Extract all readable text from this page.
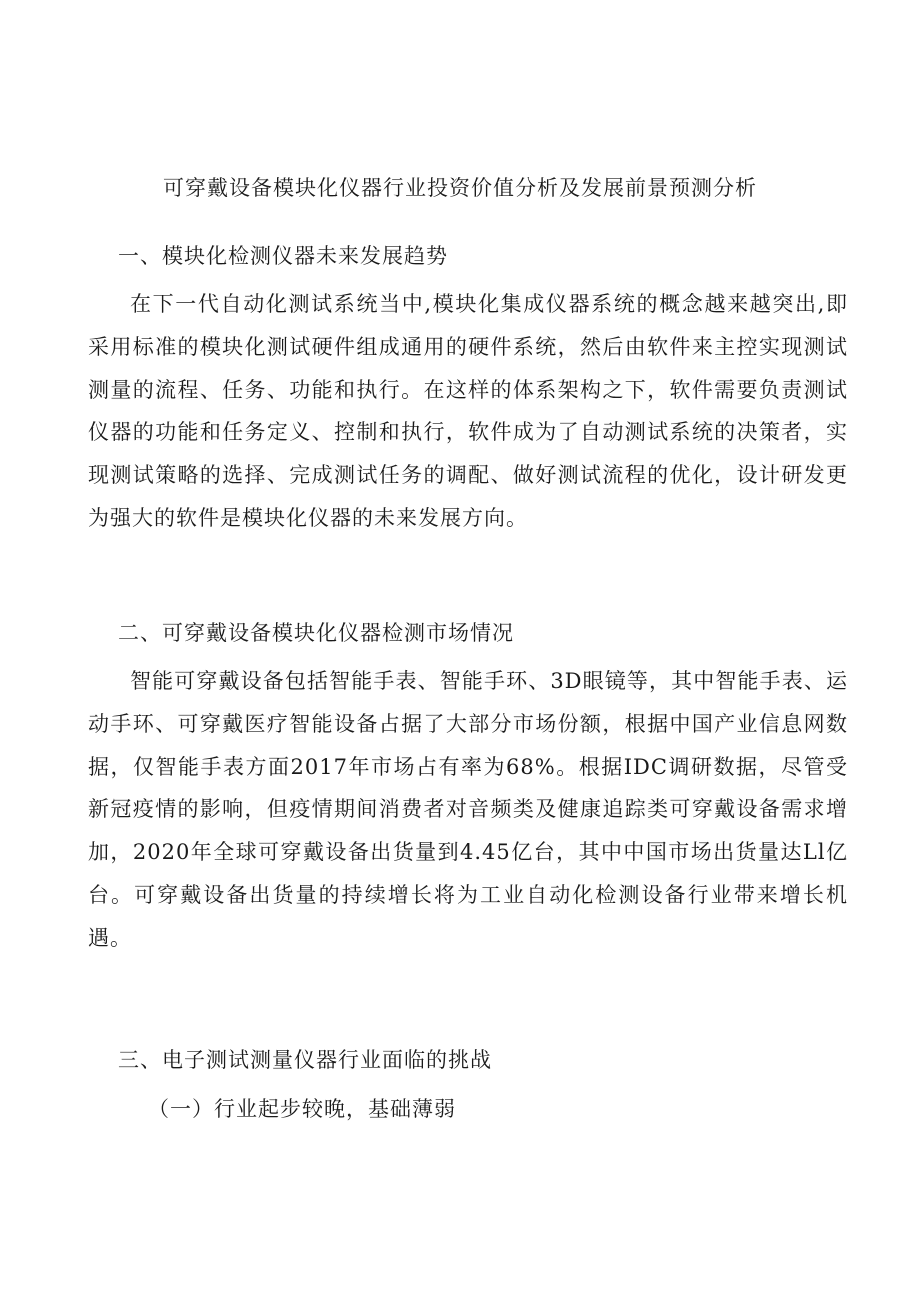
可穿戴设备模块化仪器行业投资价值分析及发展前景预测分析
一、模块化检测仪器未来发展趋势

在下一代自动化测试系统当中,模块化集成仪器系统的概念越来越突出,即采用标准的模块化测试硬件组成通用的硬件系统，然后由软件来主控实现测试测量的流程、任务、功能和执行。在这样的体系架构之下，软件需要负责测试仪器的功能和任务定义、控制和执行，软件成为了自动测试系统的决策者，实现测试策略的选择、完成测试任务的调配、做好测试流程的优化，设计研发更为强大的软件是模块化仪器的未来发展方向。

二、可穿戴设备模块化仪器检测市场情况

智能可穿戴设备包括智能手表、智能手环、3D眼镜等，其中智能手表、运动手环、可穿戴医疗智能设备占据了大部分市场份额，根据中国产业信息网数据，仅智能手表方面2017年市场占有率为68%。根据IDC调研数据，尽管受新冠疫情的影响，但疫情期间消费者对音频类及健康追踪类可穿戴设备需求增加，2020年全球可穿戴设备出货量到4.45亿台，其中中国市场出货量达Ll亿台。可穿戴设备出货量的持续增长将为工业自动化检测设备行业带来增长机遇。

三、电子测试测量仪器行业面临的挑战
（一）行业起步较晚，基础薄弱
